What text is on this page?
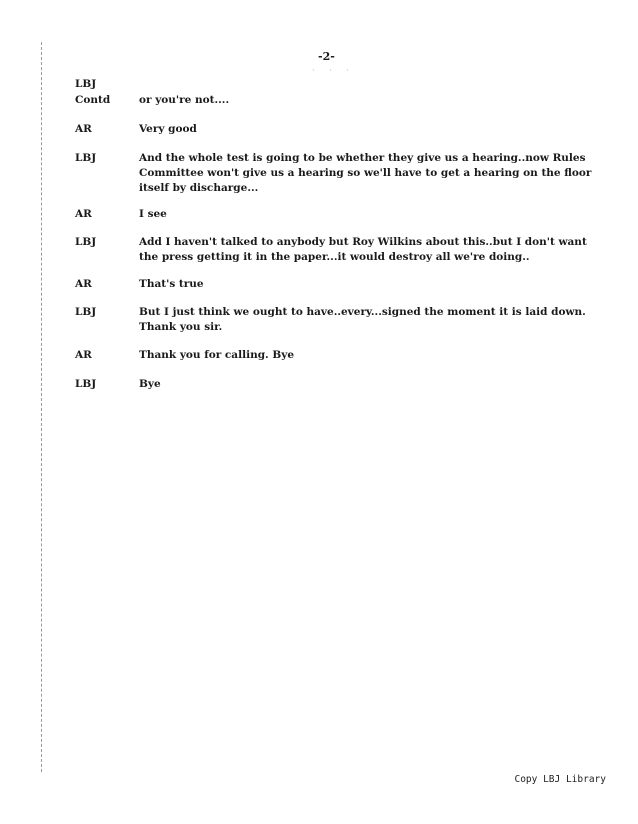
-2-
· · ·
LBJ
Contd	or you're not....
AR	Very good
LBJ	And the whole test is going to be whether they give us a hearing..now Rules
Committee won't give us a hearing so we'll have to get a hearing on the floor
itself by discharge...
AR	I see
LBJ	Add I haven't talked to anybody but Roy Wilkins about this..but I don't want
the press getting it in the paper...it would destroy all we're doing..
AR	That's true
LBJ	But I just think we ought to have..every...signed the moment it is laid down.
Thank you sir.
AR	Thank you for calling. Bye
LBJ	Bye
Copy LBJ Library
